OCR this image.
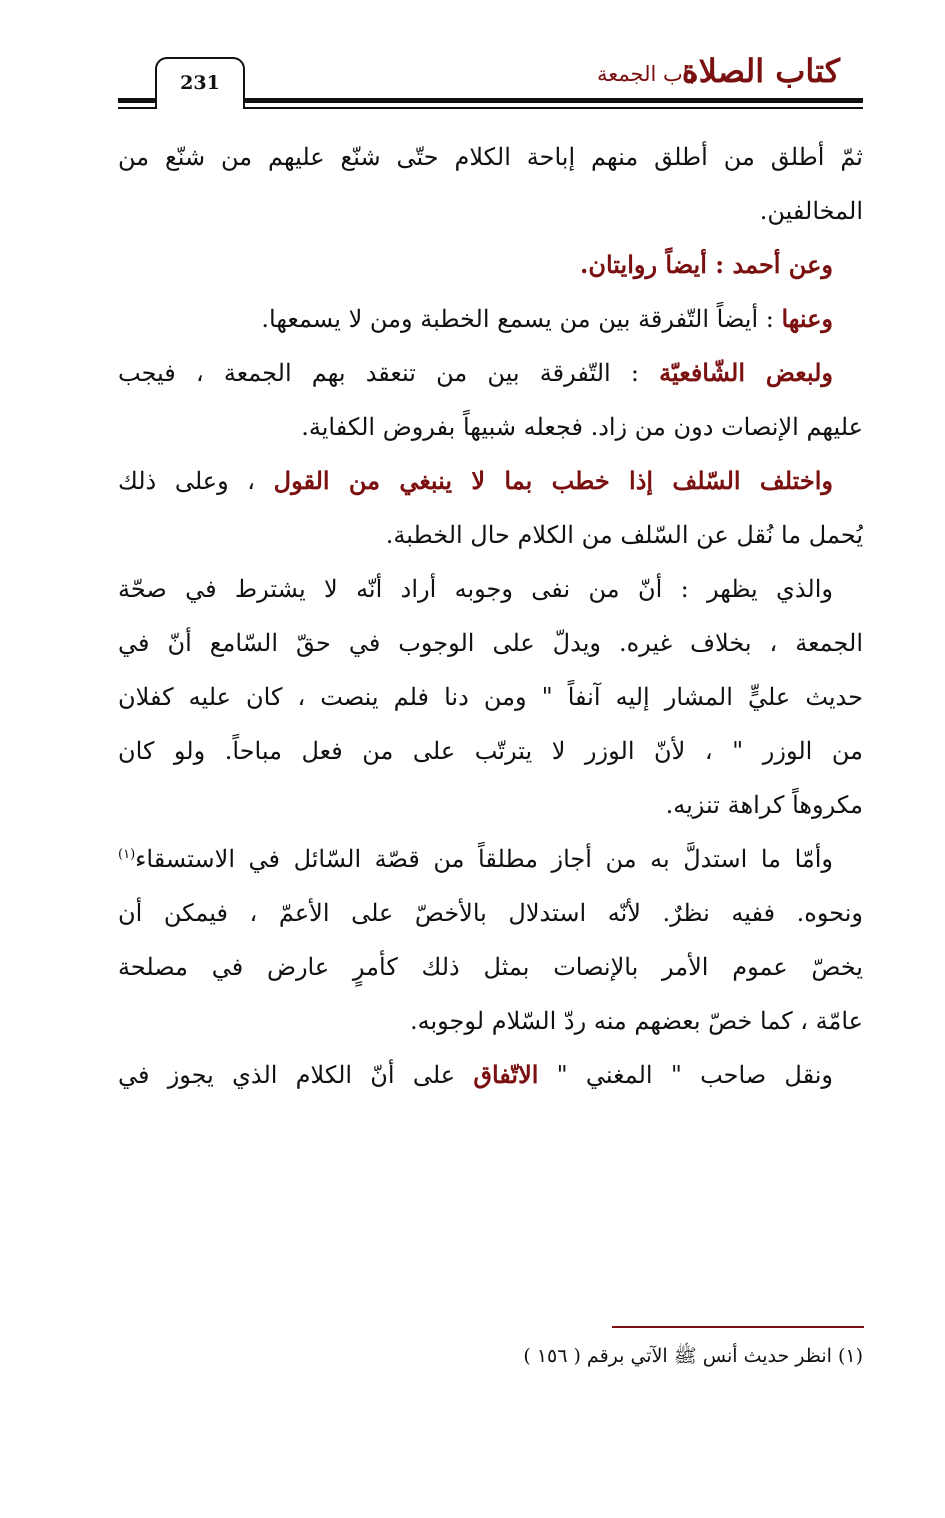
كتاب الصلاة
باب الجمعة
231
ثمّ أطلق من أطلق منهم إباحة الكلام حتّى شنّع عليهم من شنّع من
المخالفين.
وعن أحمد : أيضاً روايتان.
وعنها : أيضاً التّفرقة بين من يسمع الخطبة ومن لا يسمعها.
ولبعض الشّافعيّة : التّفرقة بين من تنعقد بهم الجمعة ، فيجب
عليهم الإنصات دون من زاد. فجعله شبيهاً بفروض الكفاية.
واختلف السّلف إذا خطب بما لا ينبغي من القول ، وعلى ذلك
يُحمل ما نُقل عن السّلف من الكلام حال الخطبة.
والذي يظهر : أنّ من نفى وجوبه أراد أنّه لا يشترط في صحّة
الجمعة ، بخلاف غيره. ويدلّ على الوجوب في حقّ السّامع أنّ في
حديث عليٍّ المشار إليه آنفاً " ومن دنا فلم ينصت ، كان عليه كفلان
من الوزر " ، لأنّ الوزر لا يترتّب على من فعل مباحاً. ولو كان
مكروهاً كراهة تنزيه.
وأمّا ما استدلَّ به من أجاز مطلقاً من قصّة السّائل في الاستسقاء$^{(١)}$
ونحوه. ففيه نظرٌ. لأنّه استدلال بالأخصّ على الأعمّ ، فيمكن أن
يخصّ عموم الأمر بالإنصات بمثل ذلك كأمرٍ عارض في مصلحة
عامّة ، كما خصّ بعضهم منه ردّ السّلام لوجوبه.
ونقل صاحب " المغني " الاتّفاق على أنّ الكلام الذي يجوز في
(١) انظر حديث أنس ﷺ الآتي برقم ( ١٥٦ )
